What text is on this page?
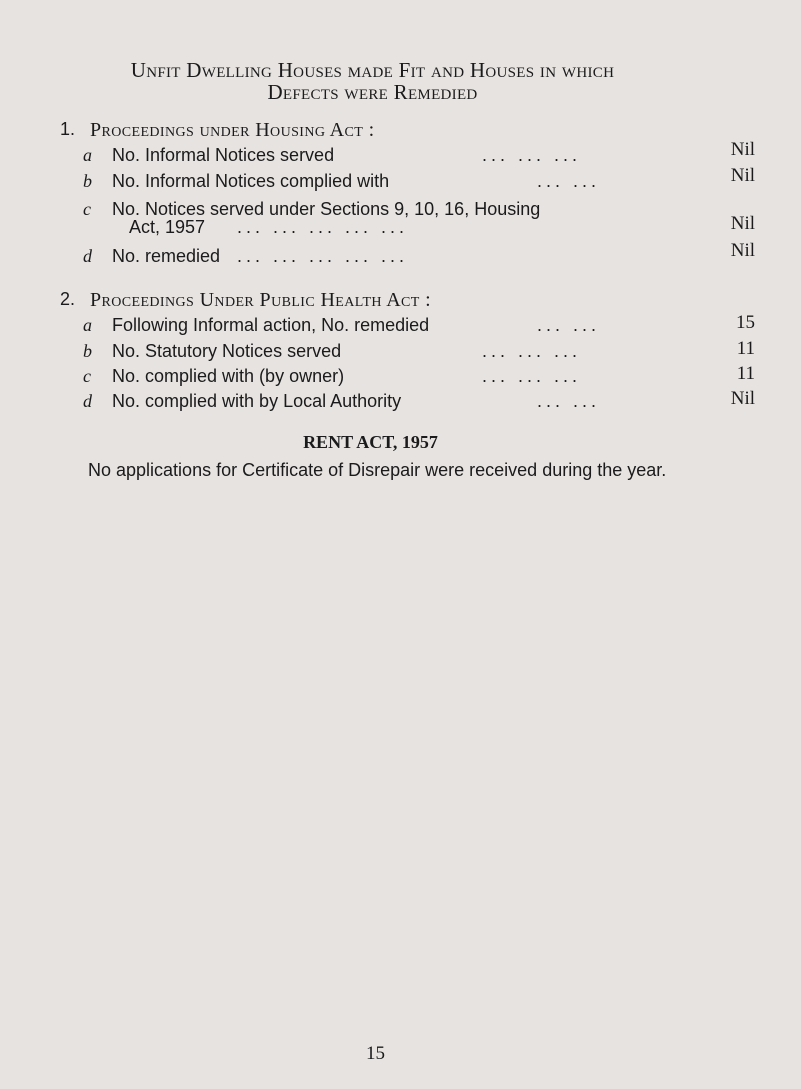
Unfit Dwelling Houses made Fit and Houses in which
Defects were Remedied
1. Proceedings under Housing Act :
a No. Informal Notices served	... ... ...	Nil
b No. Informal Notices complied with	... ...	Nil
c No. Notices served under Sections 9, 10, 16, Housing
Act, 1957 ... ... ... ... ...	Nil
d No. remedied ... ... ... ... ...	Nil
2. Proceedings Under Public Health Act :
a Following Informal action, No. remedied	... ...	15
b No. Statutory Notices served	... ... ...	11
c No. complied with (by owner)	... ... ...	11
d No. complied with by Local Authority	... ...	Nil
RENT ACT, 1957
No applications for Certificate of Disrepair were received during the year.
15
